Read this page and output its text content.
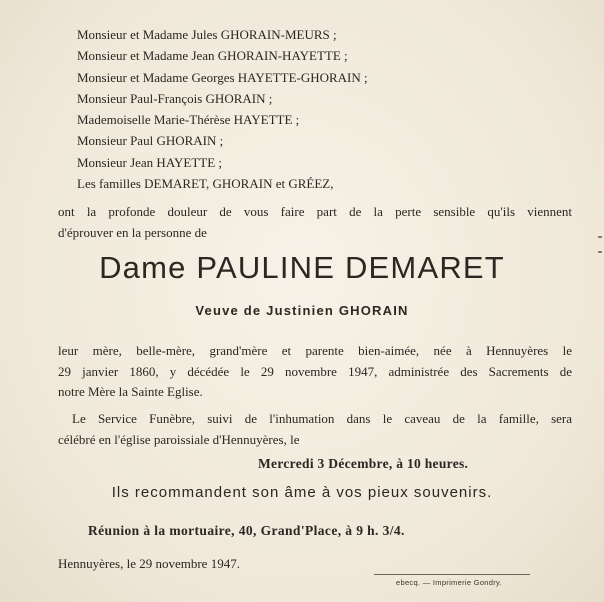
Monsieur et Madame Jules GHORAIN-MEURS ;
Monsieur et Madame Jean GHORAIN-HAYETTE ;
Monsieur et Madame Georges HAYETTE-GHORAIN ;
Monsieur Paul-François GHORAIN ;
Mademoiselle Marie-Thérèse HAYETTE ;
Monsieur Paul GHORAIN ;
Monsieur Jean HAYETTE ;
Les familles DEMARET, GHORAIN et GRÉEZ,
ont la profonde douleur de vous faire part de la perte sensible qu'ils viennent
d'éprouver en la personne de
Dame PAULINE DEMARET
Veuve de Justinien GHORAIN
leur mère, belle-mère, grand'mère et parente bien-aimée, née à Hennuyères le
29 janvier 1860, y décédée le 29 novembre 1947, administrée des Sacrements de
notre Mère la Sainte Eglise.
Le Service Funèbre, suivi de l'inhumation dans le caveau de la famille, sera
célébré en l'église paroissiale d'Hennuyères, le
Mercredi 3 Décembre, à 10 heures.
Ils recommandent son âme à vos pieux souvenirs.
Réunion à la mortuaire, 40, Grand'Place, à 9 h. 3/4.
Hennuyères, le 29 novembre 1947.
ebecq. — Imprimerie Gondry.
